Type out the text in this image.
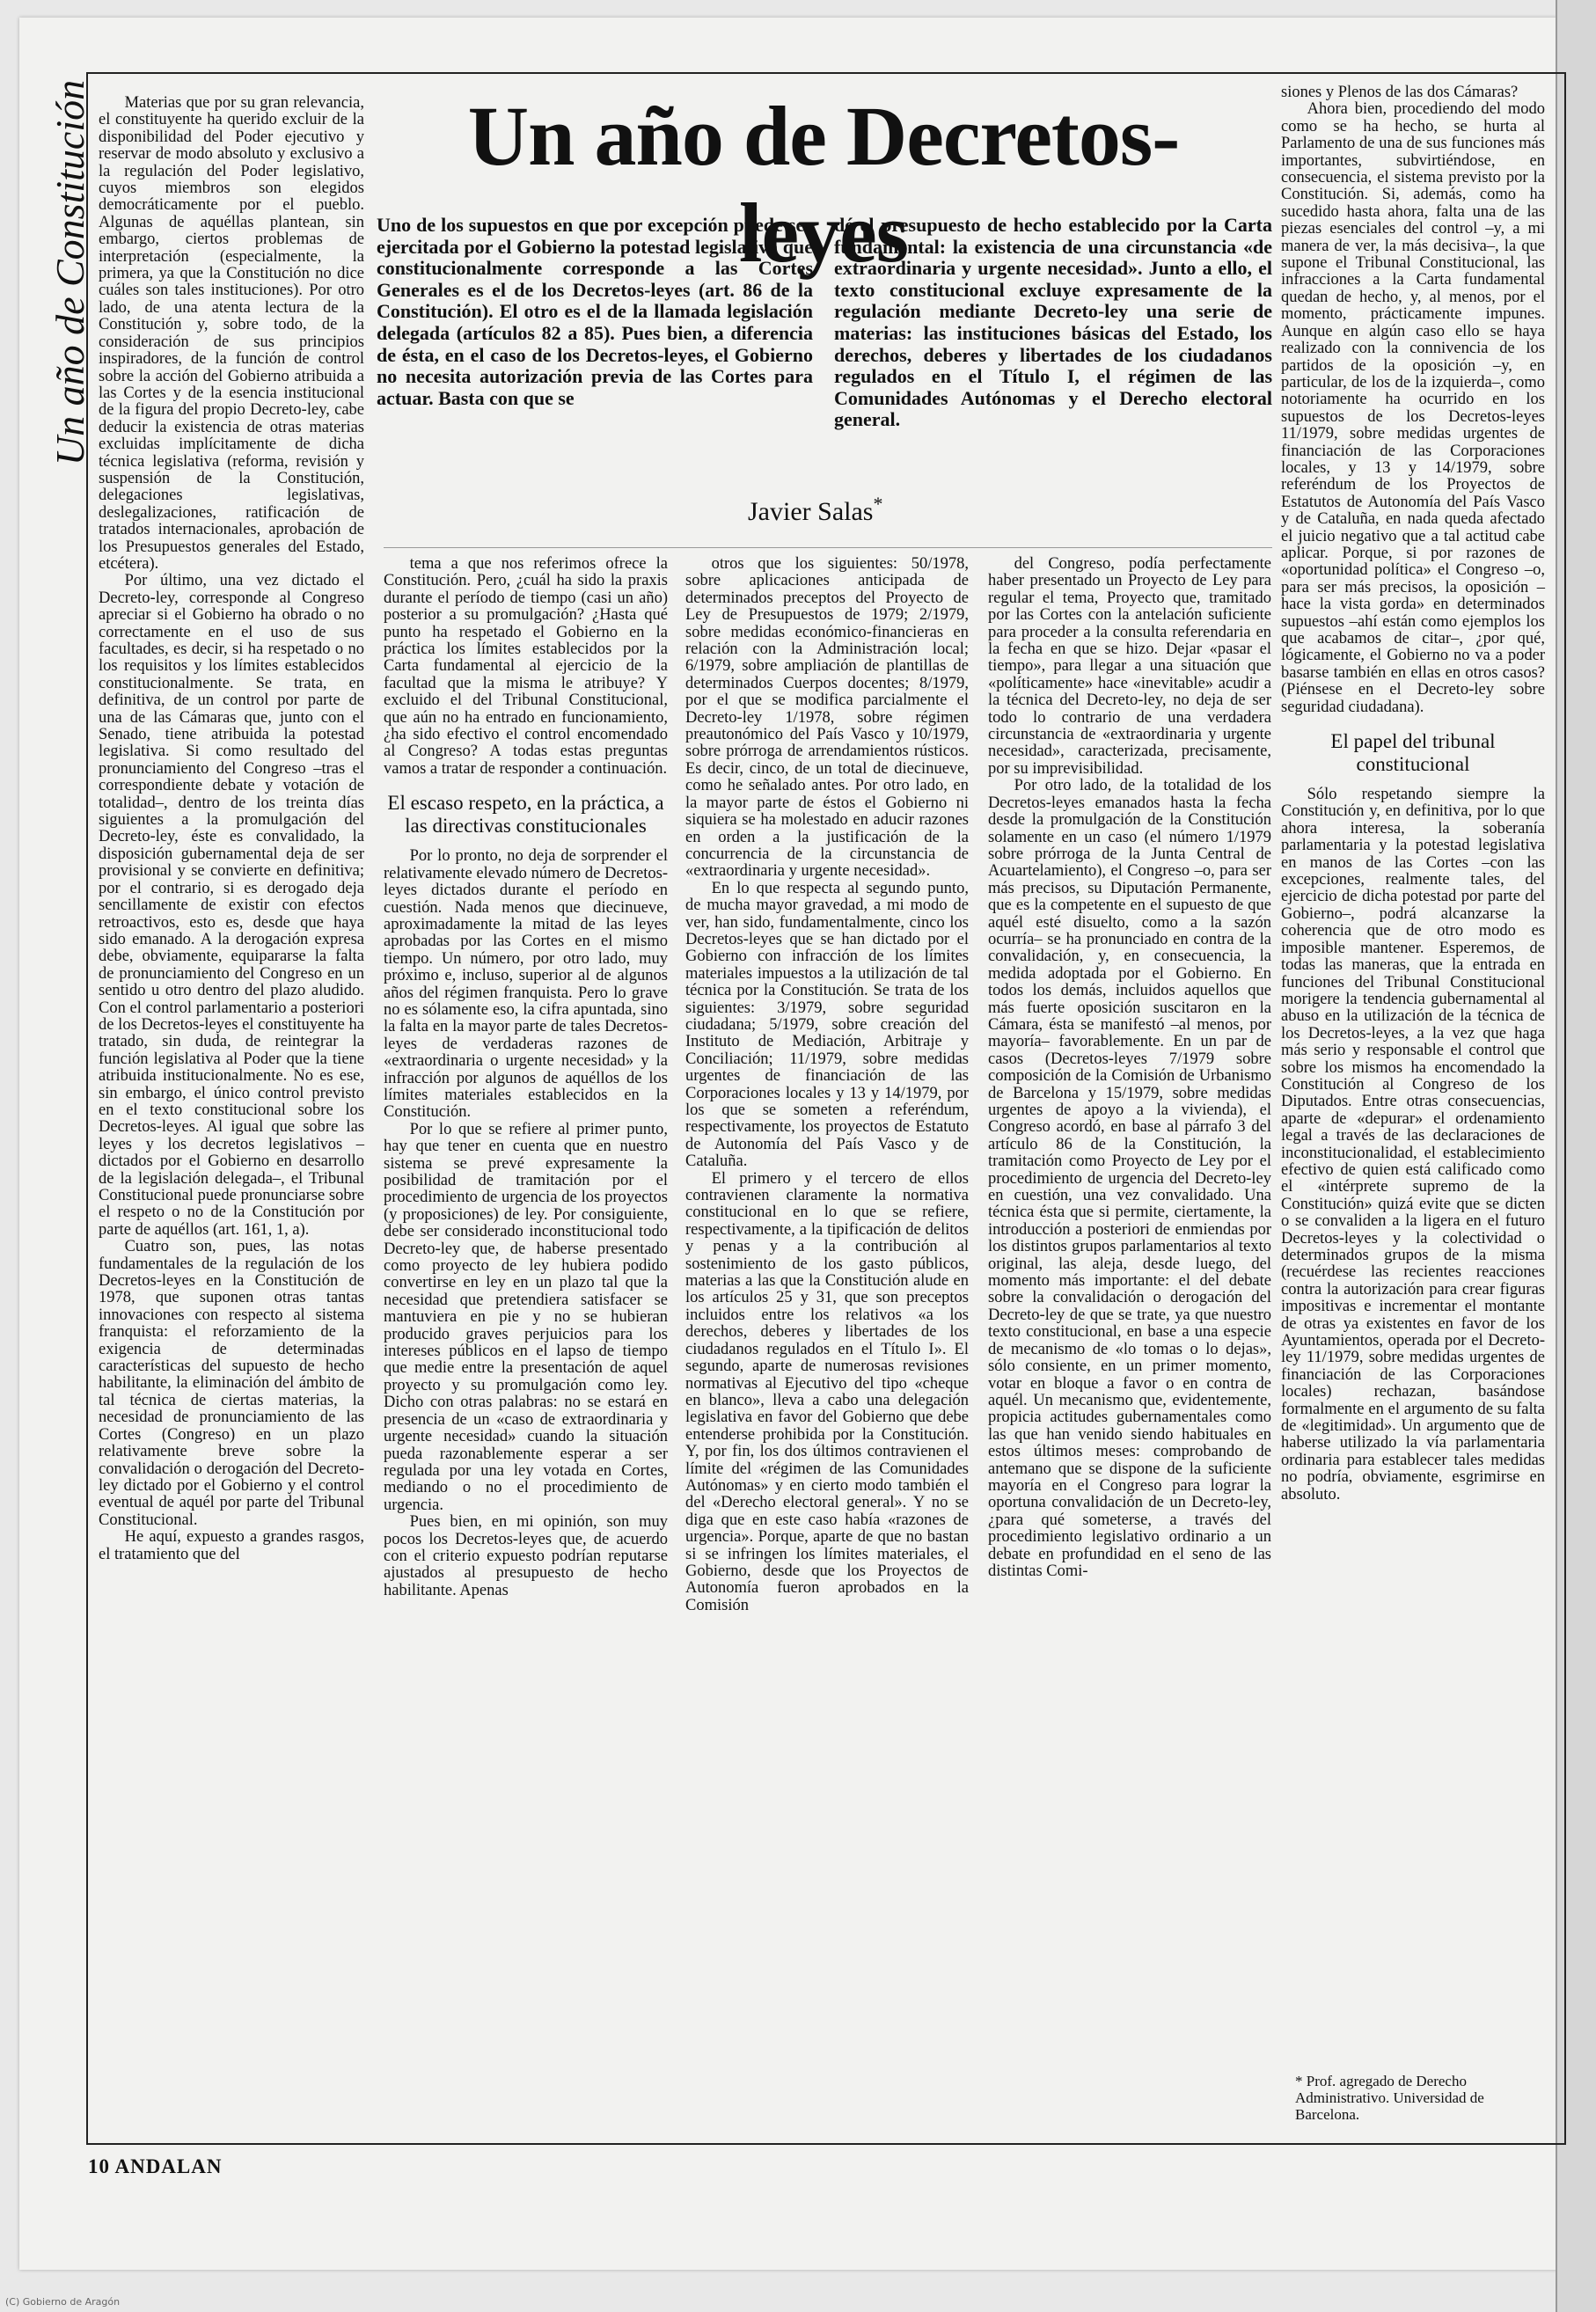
Un año de Constitución	Un año de Decretos-leyes
Uno de los supuestos en que por excepción puede ser ejercitada por el Gobierno la potestad legislativa que constitucionalmente corresponde a las Cortes Generales es el de los Decretos-leyes (art. 86 de la Constitución). El otro es el de la llamada legislación delegada (artículos 82 a 85). Pues bien, a diferencia de ésta, en el caso de los Decretos-leyes, el Gobierno no necesita autorización previa de las Cortes para actuar. Basta con que se
dé el presupuesto de hecho establecido por la Carta fundamental: la existencia de una circunstancia «de extraordinaria y urgente necesidad». Junto a ello, el texto constitucional excluye expresamente de la regulación mediante Decreto-ley una serie de materias: las instituciones básicas del Estado, los derechos, deberes y libertades de los ciudadanos regulados en el Título I, el régimen de las Comunidades Autónomas y el Derecho electoral general.
Javier Salas*

Materias que por su gran relevancia, el constituyente ha querido excluir de la disponibilidad del Poder ejecutivo y reservar de modo absoluto y exclusivo a la regulación del Poder legislativo, cuyos miembros son elegidos democráticamente por el pueblo. Algunas de aquéllas plantean, sin embargo, ciertos problemas de interpretación (especialmente, la primera, ya que la Constitución no dice cuáles son tales instituciones). Por otro lado, de una atenta lectura de la Constitución y, sobre todo, de la consideración de sus principios inspiradores, de la función de control sobre la acción del Gobierno atribuida a las Cortes y de la esencia institucional de la figura del propio Decreto-ley, cabe deducir la existencia de otras materias excluidas implícitamente de dicha técnica legislativa (reforma, revisión y suspensión de la Constitución, delegaciones legislativas, deslegalizaciones, ratificación de tratados internacionales, aprobación de los Presupuestos generales del Estado, etcétera).

Por último, una vez dictado el Decreto-ley, corresponde al Congreso apreciar si el Gobierno ha obrado o no correctamente en el uso de sus facultades, es decir, si ha respetado o no los requisitos y los límites establecidos constitucionalmente. Se trata, en definitiva, de un control por parte de una de las Cámaras que, junto con el Senado, tiene atribuida la potestad legislativa. Si como resultado del pronunciamiento del Congreso –tras el correspondiente debate y votación de totalidad–, dentro de los treinta días siguientes a la promulgación del Decreto-ley, éste es convalidado, la disposición gubernamental deja de ser provisional y se convierte en definitiva; por el contrario, si es derogado deja sencillamente de existir con efectos retroactivos, esto es, desde que haya sido emanado. A la derogación expresa debe, obviamente, equipararse la falta de pronunciamiento del Congreso en un sentido u otro dentro del plazo aludido. Con el control parlamentario a posteriori de los Decretos-leyes el constituyente ha tratado, sin duda, de reintegrar la función legislativa al Poder que la tiene atribuida institucionalmente. No es ese, sin embargo, el único control previsto en el texto constitucional sobre los Decretos-leyes. Al igual que sobre las leyes y los decretos legislativos –dictados por el Gobierno en desarrollo de la legislación delegada–, el Tribunal Constitucional puede pronunciarse sobre el respeto o no de la Constitución por parte de aquéllos (art. 161, 1, a).

Cuatro son, pues, las notas fundamentales de la regulación de los Decretos-leyes en la Constitución de 1978, que suponen otras tantas innovaciones con respecto al sistema franquista: el reforzamiento de la exigencia de determinadas características del supuesto de hecho habilitante, la eliminación del ámbito de tal técnica de ciertas materias, la necesidad de pronunciamiento de las Cortes (Congreso) en un plazo relativamente breve sobre la convalidación o derogación del Decreto-ley dictado por el Gobierno y el control eventual de aquél por parte del Tribunal Constitucional.

He aquí, expuesto a grandes rasgos, el tratamiento que del

tema a que nos referimos ofrece la Constitución. Pero, ¿cuál ha sido la praxis durante el período de tiempo (casi un año) posterior a su promulgación? ¿Hasta qué punto ha respetado el Gobierno en la práctica los límites establecidos por la Carta fundamental al ejercicio de la facultad que la misma le atribuye? Y excluido el del Tribunal Constitucional, que aún no ha entrado en funcionamiento, ¿ha sido efectivo el control encomendado al Congreso? A todas estas preguntas vamos a tratar de responder a continuación.

El escaso respeto, en la práctica, a las directivas constitucionales

Por lo pronto, no deja de sorprender el relativamente elevado número de Decretos-leyes dictados durante el período en cuestión. Nada menos que diecinueve, aproximadamente la mitad de las leyes aprobadas por las Cortes en el mismo tiempo. Un número, por otro lado, muy próximo e, incluso, superior al de algunos años del régimen franquista. Pero lo grave no es sólamente eso, la cifra apuntada, sino la falta en la mayor parte de tales Decretos-leyes de verdaderas razones de «extraordinaria o urgente necesidad» y la infracción por algunos de aquéllos de los límites materiales establecidos en la Constitución.

Por lo que se refiere al primer punto, hay que tener en cuenta que en nuestro sistema se prevé expresamente la posibilidad de tramitación por el procedimiento de urgencia de los proyectos (y proposiciones) de ley. Por consiguiente, debe ser considerado inconstitucional todo Decreto-ley que, de haberse presentado como proyecto de ley hubiera podido convertirse en ley en un plazo tal que la necesidad que pretendiera satisfacer se mantuviera en pie y no se hubieran producido graves perjuicios para los intereses públicos en el lapso de tiempo que medie entre la presentación de aquel proyecto y su promulgación como ley. Dicho con otras palabras: no se estará en presencia de un «caso de extraordinaria y urgente necesidad» cuando la situación pueda razonablemente esperar a ser regulada por una ley votada en Cortes, mediando o no el procedimiento de urgencia.

Pues bien, en mi opinión, son muy pocos los Decretos-leyes que, de acuerdo con el criterio expuesto podrían reputarse ajustados al presupuesto de hecho habilitante. Apenas

otros que los siguientes: 50/1978, sobre aplicaciones anticipada de determinados preceptos del Proyecto de Ley de Presupuestos de 1979; 2/1979, sobre medidas económico-financieras en relación con la Administración local; 6/1979, sobre ampliación de plantillas de determinados Cuerpos docentes; 8/1979, por el que se modifica parcialmente el Decreto-ley 1/1978, sobre régimen preautonómico del País Vasco y 10/1979, sobre prórroga de arrendamientos rústicos. Es decir, cinco, de un total de diecinueve, como he señalado antes. Por otro lado, en la mayor parte de éstos el Gobierno ni siquiera se ha molestado en aducir razones en orden a la justificación de la concurrencia de la circunstancia de «extraordinaria y urgente necesidad».

En lo que respecta al segundo punto, de mucha mayor gravedad, a mi modo de ver, han sido, fundamentalmente, cinco los Decretos-leyes que se han dictado por el Gobierno con infracción de los límites materiales impuestos a la utilización de tal técnica por la Constitución. Se trata de los siguientes: 3/1979, sobre seguridad ciudadana; 5/1979, sobre creación del Instituto de Mediación, Arbitraje y Conciliación; 11/1979, sobre medidas urgentes de financiación de las Corporaciones locales y 13 y 14/1979, por los que se someten a referéndum, respectivamente, los proyectos de Estatuto de Autonomía del País Vasco y de Cataluña.

El primero y el tercero de ellos contravienen claramente la normativa constitucional en lo que se refiere, respectivamente, a la tipificación de delitos y penas y a la contribución al sostenimiento de los gasto públicos, materias a las que la Constitución alude en los artículos 25 y 31, que son preceptos incluidos entre los relativos «a los derechos, deberes y libertades de los ciudadanos regulados en el Título I». El segundo, aparte de numerosas revisiones normativas al Ejecutivo del tipo «cheque en blanco», lleva a cabo una delegación legislativa en favor del Gobierno que debe entenderse prohibida por la Constitución. Y, por fin, los dos últimos contravienen el límite del «régimen de las Comunidades Autónomas» y en cierto modo también el del «Derecho electoral general». Y no se diga que en este caso había «razones de urgencia». Porque, aparte de que no bastan si se infringen los límites materiales, el Gobierno, desde que los Proyectos de Autonomía fueron aprobados en la Comisión

del Congreso, podía perfectamente haber presentado un Proyecto de Ley para regular el tema, Proyecto que, tramitado por las Cortes con la antelación suficiente para proceder a la consulta referendaria en la fecha en que se hizo. Dejar «pasar el tiempo», para llegar a una situación que «políticamente» hace «inevitable» acudir a la técnica del Decreto-ley, no deja de ser todo lo contrario de una verdadera circunstancia de «extraordinaria y urgente necesidad», caracterizada, precisamente, por su imprevisibilidad.

Por otro lado, de la totalidad de los Decretos-leyes emanados hasta la fecha desde la promulgación de la Constitución solamente en un caso (el número 1/1979 sobre prórroga de la Junta Central de Acuartelamiento), el Congreso –o, para ser más precisos, su Diputación Permanente, que es la competente en el supuesto de que aquél esté disuelto, como a la sazón ocurría– se ha pronunciado en contra de la convalidación, y, en consecuencia, la medida adoptada por el Gobierno. En todos los demás, incluidos aquellos que más fuerte oposición suscitaron en la Cámara, ésta se manifestó –al menos, por mayoría– favorablemente. En un par de casos (Decretos-leyes 7/1979 sobre composición de la Comisión de Urbanismo de Barcelona y 15/1979, sobre medidas urgentes de apoyo a la vivienda), el Congreso acordó, en base al párrafo 3 del artículo 86 de la Constitución, la tramitación como Proyecto de Ley por el procedimiento de urgencia del Decreto-ley en cuestión, una vez convalidado. Una técnica ésta que si permite, ciertamente, la introducción a posteriori de enmiendas por los distintos grupos parlamentarios al texto original, las aleja, desde luego, del momento más importante: el del debate sobre la convalidación o derogación del Decreto-ley de que se trate, ya que nuestro texto constitucional, en base a una especie de mecanismo de «lo tomas o lo dejas», sólo consiente, en un primer momento, votar en bloque a favor o en contra de aquél. Un mecanismo que, evidentemente, propicia actitudes gubernamentales como las que han venido siendo habituales en estos últimos meses: comprobando de antemano que se dispone de la suficiente mayoría en el Congreso para lograr la oportuna convalidación de un Decreto-ley, ¿para qué someterse, a través del procedimiento legislativo ordinario a un debate en profundidad en el seno de las distintas Comi-

siones y Plenos de las dos Cámaras?

Ahora bien, procediendo del modo como se ha hecho, se hurta al Parlamento de una de sus funciones más importantes, subvirtiéndose, en consecuencia, el sistema previsto por la Constitución. Si, además, como ha sucedido hasta ahora, falta una de las piezas esenciales del control –y, a mi manera de ver, la más decisiva–, la que supone el Tribunal Constitucional, las infracciones a la Carta fundamental quedan de hecho, y, al menos, por el momento, prácticamente impunes. Aunque en algún caso ello se haya realizado con la connivencia de los partidos de la oposición –y, en particular, de los de la izquierda–, como notoriamente ha ocurrido en los supuestos de los Decretos-leyes 11/1979, sobre medidas urgentes de financiación de las Corporaciones locales, y 13 y 14/1979, sobre referéndum de los Proyectos de Estatutos de Autonomía del País Vasco y de Cataluña, en nada queda afectado el juicio negativo que a tal actitud cabe aplicar. Porque, si por razones de «oportunidad política» el Congreso –o, para ser más precisos, la oposición –hace la vista gorda» en determinados supuestos –ahí están como ejemplos los que acabamos de citar–, ¿por qué, lógicamente, el Gobierno no va a poder basarse también en ellas en otros casos? (Piénsese en el Decreto-ley sobre seguridad ciudadana).

El papel del tribunal constitucional

Sólo respetando siempre la Constitución y, en definitiva, por lo que ahora interesa, la soberanía parlamentaria y la potestad legislativa en manos de las Cortes –con las excepciones, realmente tales, del ejercicio de dicha potestad por parte del Gobierno–, podrá alcanzarse la coherencia que de otro modo es imposible mantener. Esperemos, de todas las maneras, que la entrada en funciones del Tribunal Constitucional morigere la tendencia gubernamental al abuso en la utilización de la técnica de los Decretos-leyes, a la vez que haga más serio y responsable el control que sobre los mismos ha encomendado la Constitución al Congreso de los Diputados. Entre otras consecuencias, aparte de «depurar» el ordenamiento legal a través de las declaraciones de inconstitucionalidad, el establecimiento efectivo de quien está calificado como el «intérprete supremo de la Constitución» quizá evite que se dicten o se convaliden a la ligera en el futuro Decretos-leyes y la colectividad o determinados grupos de la misma (recuérdese las recientes reacciones contra la autorización para crear figuras impositivas e incrementar el montante de otras ya existentes en favor de los Ayuntamientos, operada por el Decreto-ley 11/1979, sobre medidas urgentes de financiación de las Corporaciones locales) rechazan, basándose formalmente en el argumento de su falta de «legitimidad». Un argumento que de haberse utilizado la vía parlamentaria ordinaria para establecer tales medidas no podría, obviamente, esgrimirse en absoluto.

* Prof. agregado de Derecho Administrativo. Universidad de Barcelona.
10 ANDALAN
(C) Gobierno de Aragón
